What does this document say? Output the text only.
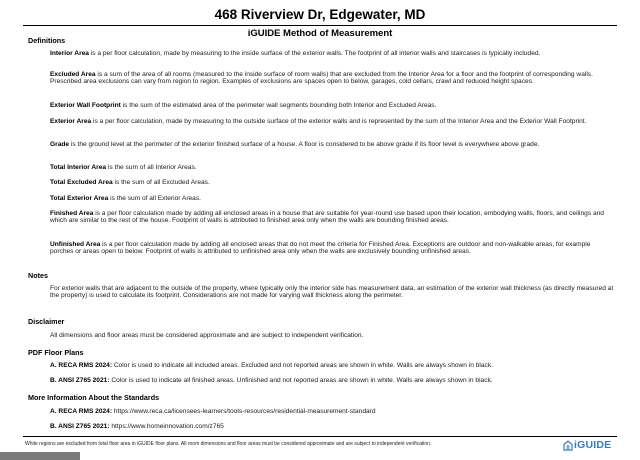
468 Riverview Dr, Edgewater, MD
iGUIDE Method of Measurement
Definitions
Interior Area is a per floor calculation, made by measuring to the inside surface of the exterior walls. The footprint of all interior walls and staircases is typically included.
Excluded Area is a sum of the area of all rooms (measured to the inside surface of room walls) that are excluded from the Interior Area for a floor and the footprint of corresponding walls. Prescribed area exclusions can vary from region to region. Examples of exclusions are spaces open to below, garages, cold cellars, crawl and reduced height spaces.
Exterior Wall Footprint is the sum of the estimated area of the perimeter wall segments bounding both Interior and Excluded Areas.
Exterior Area is a per floor calculation, made by measuring to the outside surface of the exterior walls and is represented by the sum of the Interior Area and the Exterior Wall Footprint.
Grade is the ground level at the perimeter of the exterior finished surface of a house. A floor is considered to be above grade if its floor level is everywhere above grade.
Total Interior Area is the sum of all Interior Areas.
Total Excluded Area is the sum of all Excluded Areas.
Total Exterior Area is the sum of all Exterior Areas.
Finished Area is a per floor calculation made by adding all enclosed areas in a house that are suitable for year-round use based upon their location, embodying walls, floors, and ceilings and which are similar to the rest of the house. Footprint of walls is attributed to finished area only when the walls are bounding finished areas.
Unfinished Area is a per floor calculation made by adding all enclosed areas that do not meet the criteria for Finished Area. Exceptions are outdoor and non-walkable areas, for example porches or areas open to below. Footprint of walls is attributed to unfinished area only when the walls are exclusively bounding unfinished areas.
Notes
For exterior walls that are adjacent to the outside of the property, where typically only the interior side has measurement data, an estimation of the exterior wall thickness (as directly measured at the property) is used to calculate its footprint. Considerations are not made for varying wall thickness along the perimeter.
Disclaimer
All dimensions and floor areas must be considered approximate and are subject to independent verification.
PDF Floor Plans
A. RECA RMS 2024: Color is used to indicate all included areas. Excluded and not reported areas are shown in white. Walls are always shown in black.
B. ANSI Z765 2021: Color is used to indicate all finished areas. Unfinished and not reported areas are shown in white. Walls are always shown in black.
More Information About the Standards
A. RECA RMS 2024: https://www.reca.ca/licensees-learners/tools-resources/residential-measurement-standard
B. ANSI Z765 2021: https://www.homeinnovation.com/z765
White regions are excluded from total floor area in iGUIDE floor plans. All room dimensions and floor areas must be considered approximate and are subject to independent verification.	iGUIDE
